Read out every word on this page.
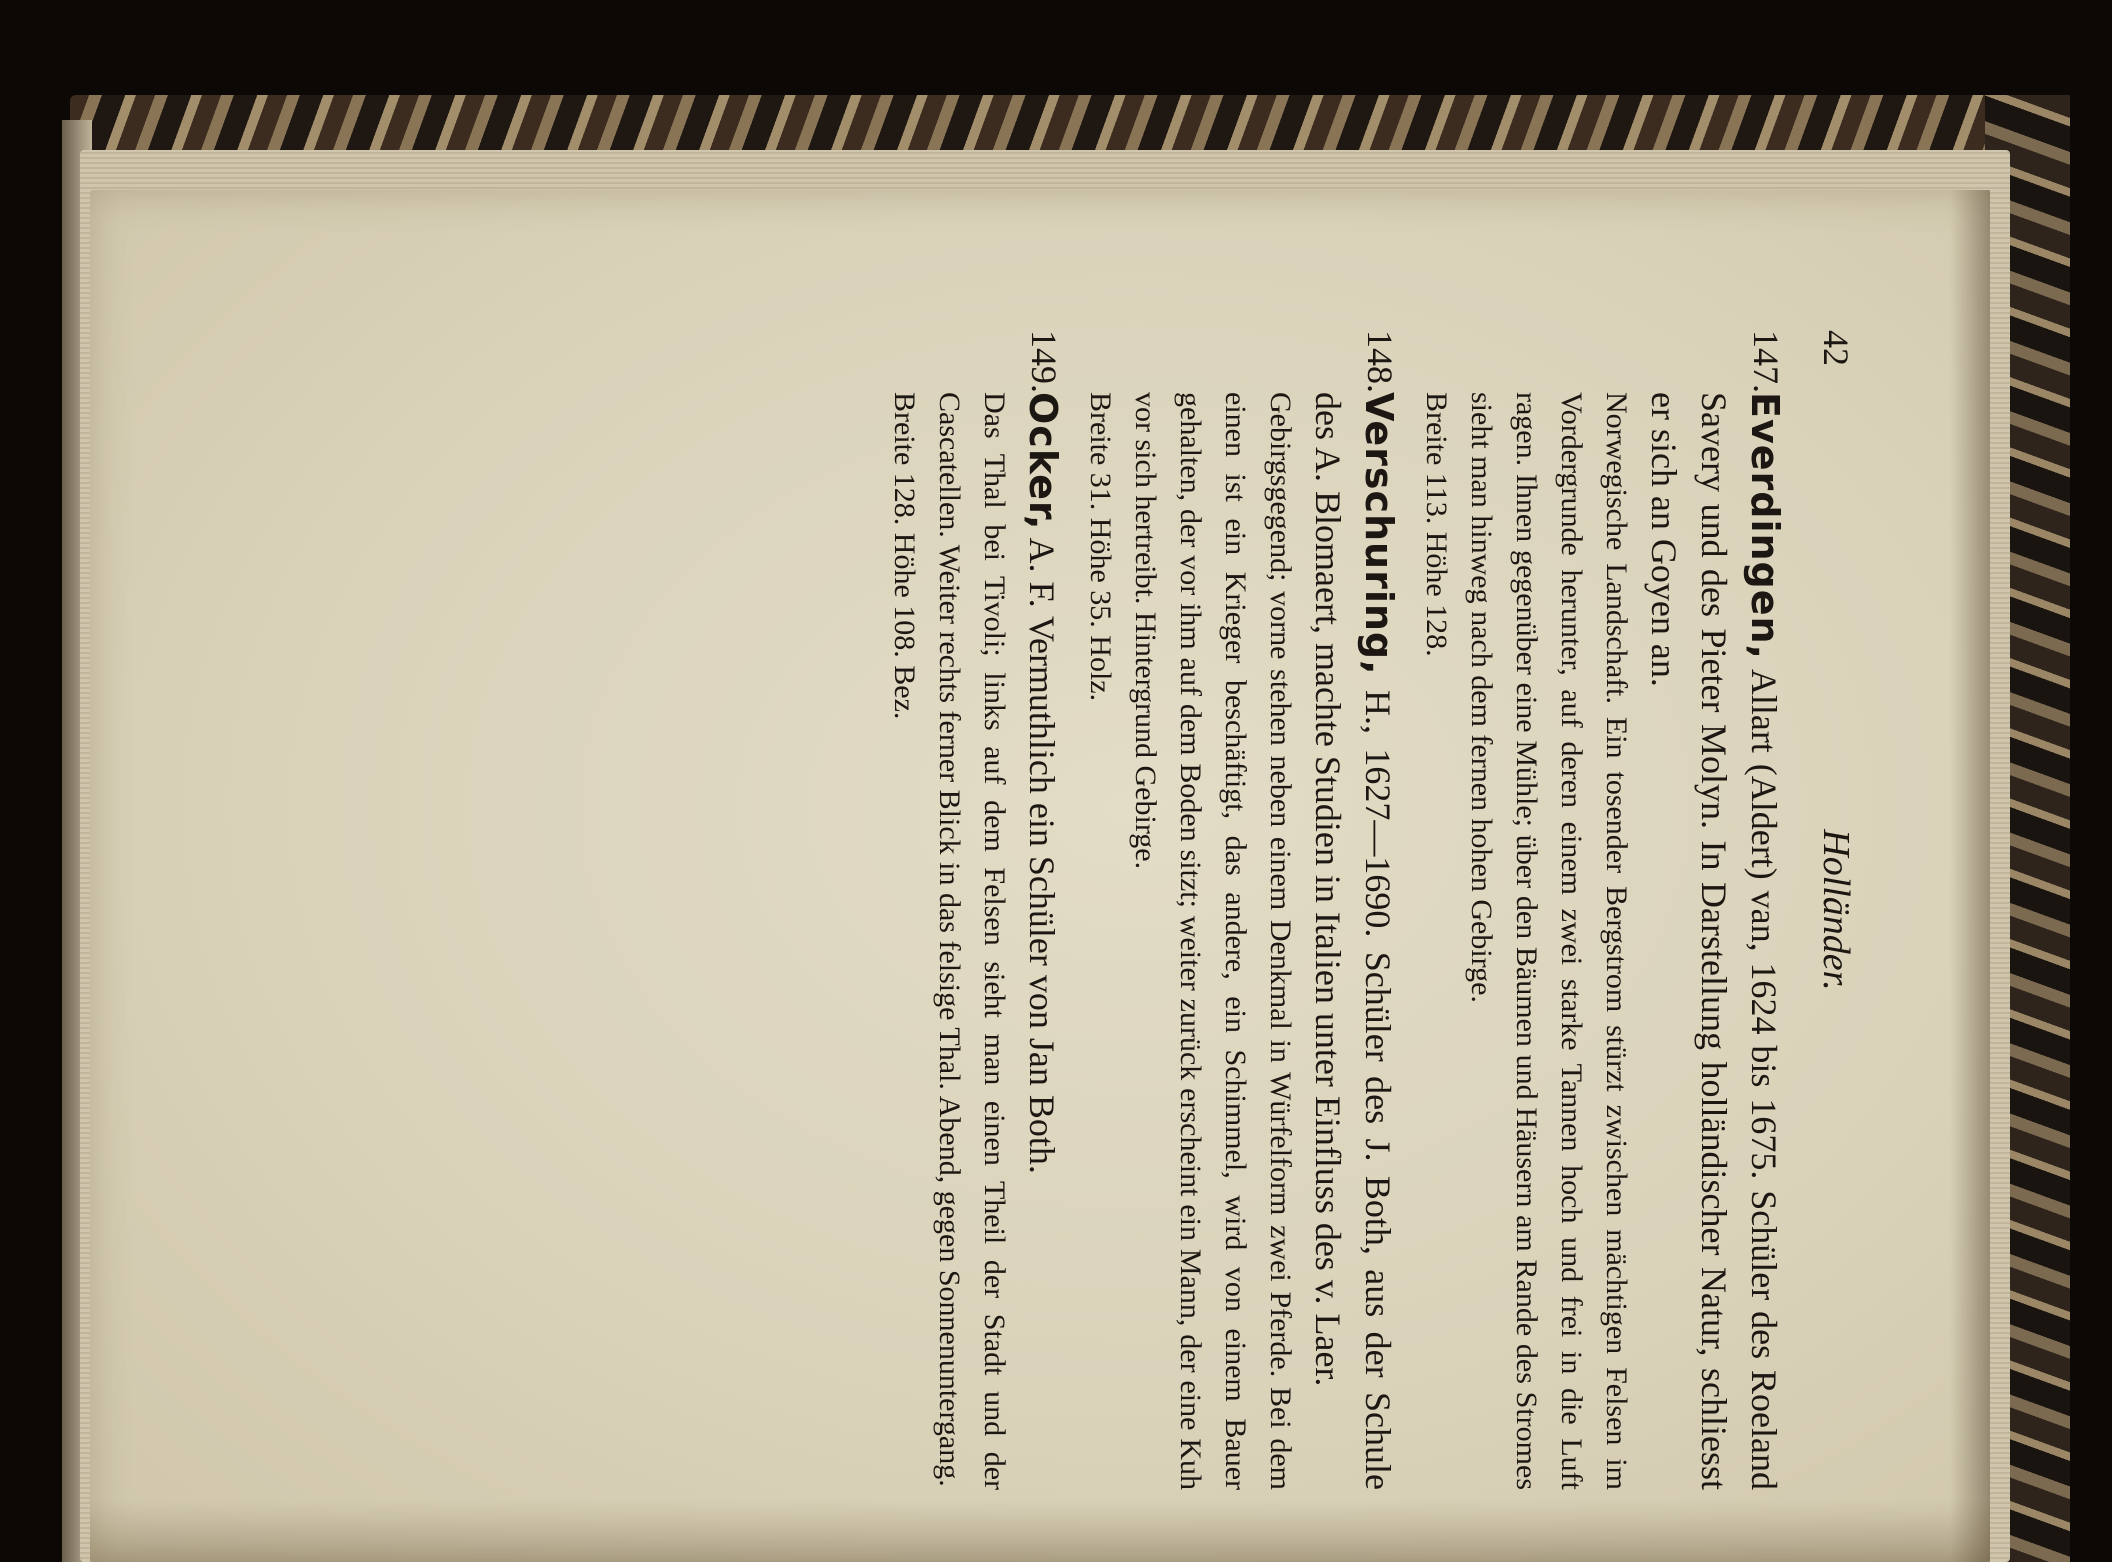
42
Holländer.
147.
Everdingen, Allart (Aldert) van, 1624 bis 1675. Schüler des Roeland Savery und des Pieter Molyn. In Darstellung holländischer Natur, schliesst er sich an Goyen an.
Norwegische Landschaft. Ein tosender Bergstrom stürzt zwischen mächtigen Felsen im Vordergrunde herunter, auf deren einem zwei starke Tannen hoch und frei in die Luft ragen. Ihnen gegenüber eine Mühle; über den Bäumen und Häusern am Rande des Stromes sieht man hinweg nach dem fernen hohen Gebirge.
Breite 113. Höhe 128.
148.
Verschuring, H., 1627—1690. Schüler des J. Both, aus der Schule des A. Blomaert, machte Studien in Italien unter Einfluss des v. Laer.
Gebirgsgegend; vorne stehen neben einem Denkmal in Würfelform zwei Pferde. Bei dem einen ist ein Krieger beschäftigt, das andere, ein Schimmel, wird von einem Bauer gehalten, der vor ihm auf dem Boden sitzt; weiter zurück erscheint ein Mann, der eine Kuh vor sich hertreibt. Hintergrund Gebirge.
Breite 31. Höhe 35. Holz.
149.
Ocker, A. F. Vermuthlich ein Schüler von Jan Both.
Das Thal bei Tivoli; links auf dem Felsen sieht man einen Theil der Stadt und der Cascatellen. Weiter rechts ferner Blick in das felsige Thal. Abend, gegen Sonnenuntergang.
Breite 128. Höhe 108. Bez.
